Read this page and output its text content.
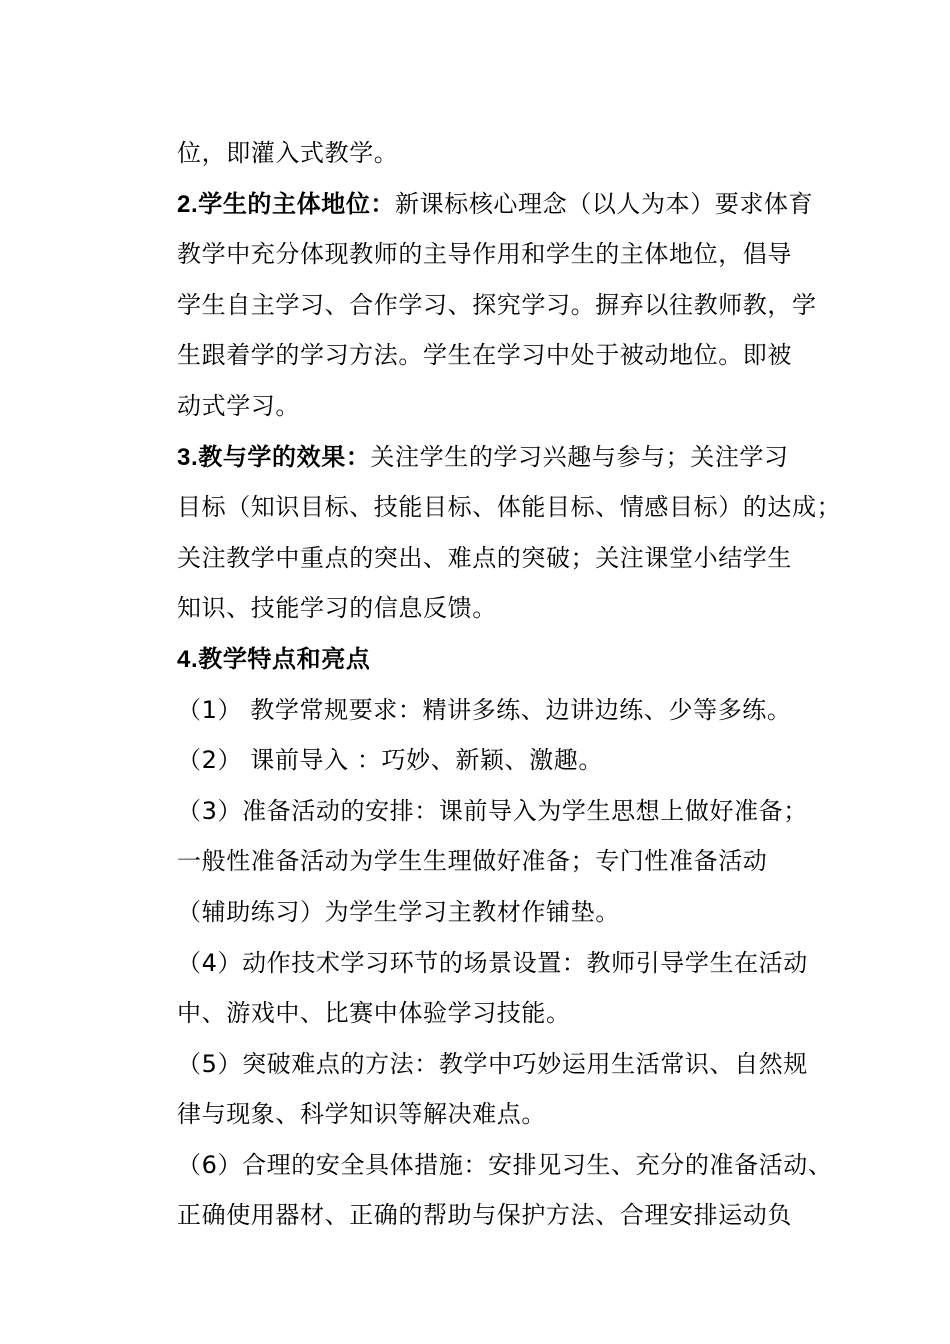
位，即灌入式教学。
2.学生的主体地位：新课标核心理念（以人为本）要求体育
教学中充分体现教师的主导作用和学生的主体地位，倡导
学生自主学习、合作学习、探究学习。摒弃以往教师教，学
生跟着学的学习方法。学生在学习中处于被动地位。即被
动式学习。
3.教与学的效果：关注学生的学习兴趣与参与；关注学习
目标（知识目标、技能目标、体能目标、情感目标）的达成；
关注教学中重点的突出、难点的突破；关注课堂小结学生
知识、技能学习的信息反馈。
4.教学特点和亮点
（1） 教学常规要求：精讲多练、边讲边练、少等多练。
（2） 课前导入 ：巧妙、新颖、激趣。
（3）准备活动的安排：课前导入为学生思想上做好准备；
一般性准备活动为学生生理做好准备；专门性准备活动
（辅助练习）为学生学习主教材作铺垫。
（4）动作技术学习环节的场景设置：教师引导学生在活动
中、游戏中、比赛中体验学习技能。
（5）突破难点的方法：教学中巧妙运用生活常识、自然规
律与现象、科学知识等解决难点。
（6）合理的安全具体措施：安排见习生、充分的准备活动、
正确使用器材、正确的帮助与保护方法、合理安排运动负
